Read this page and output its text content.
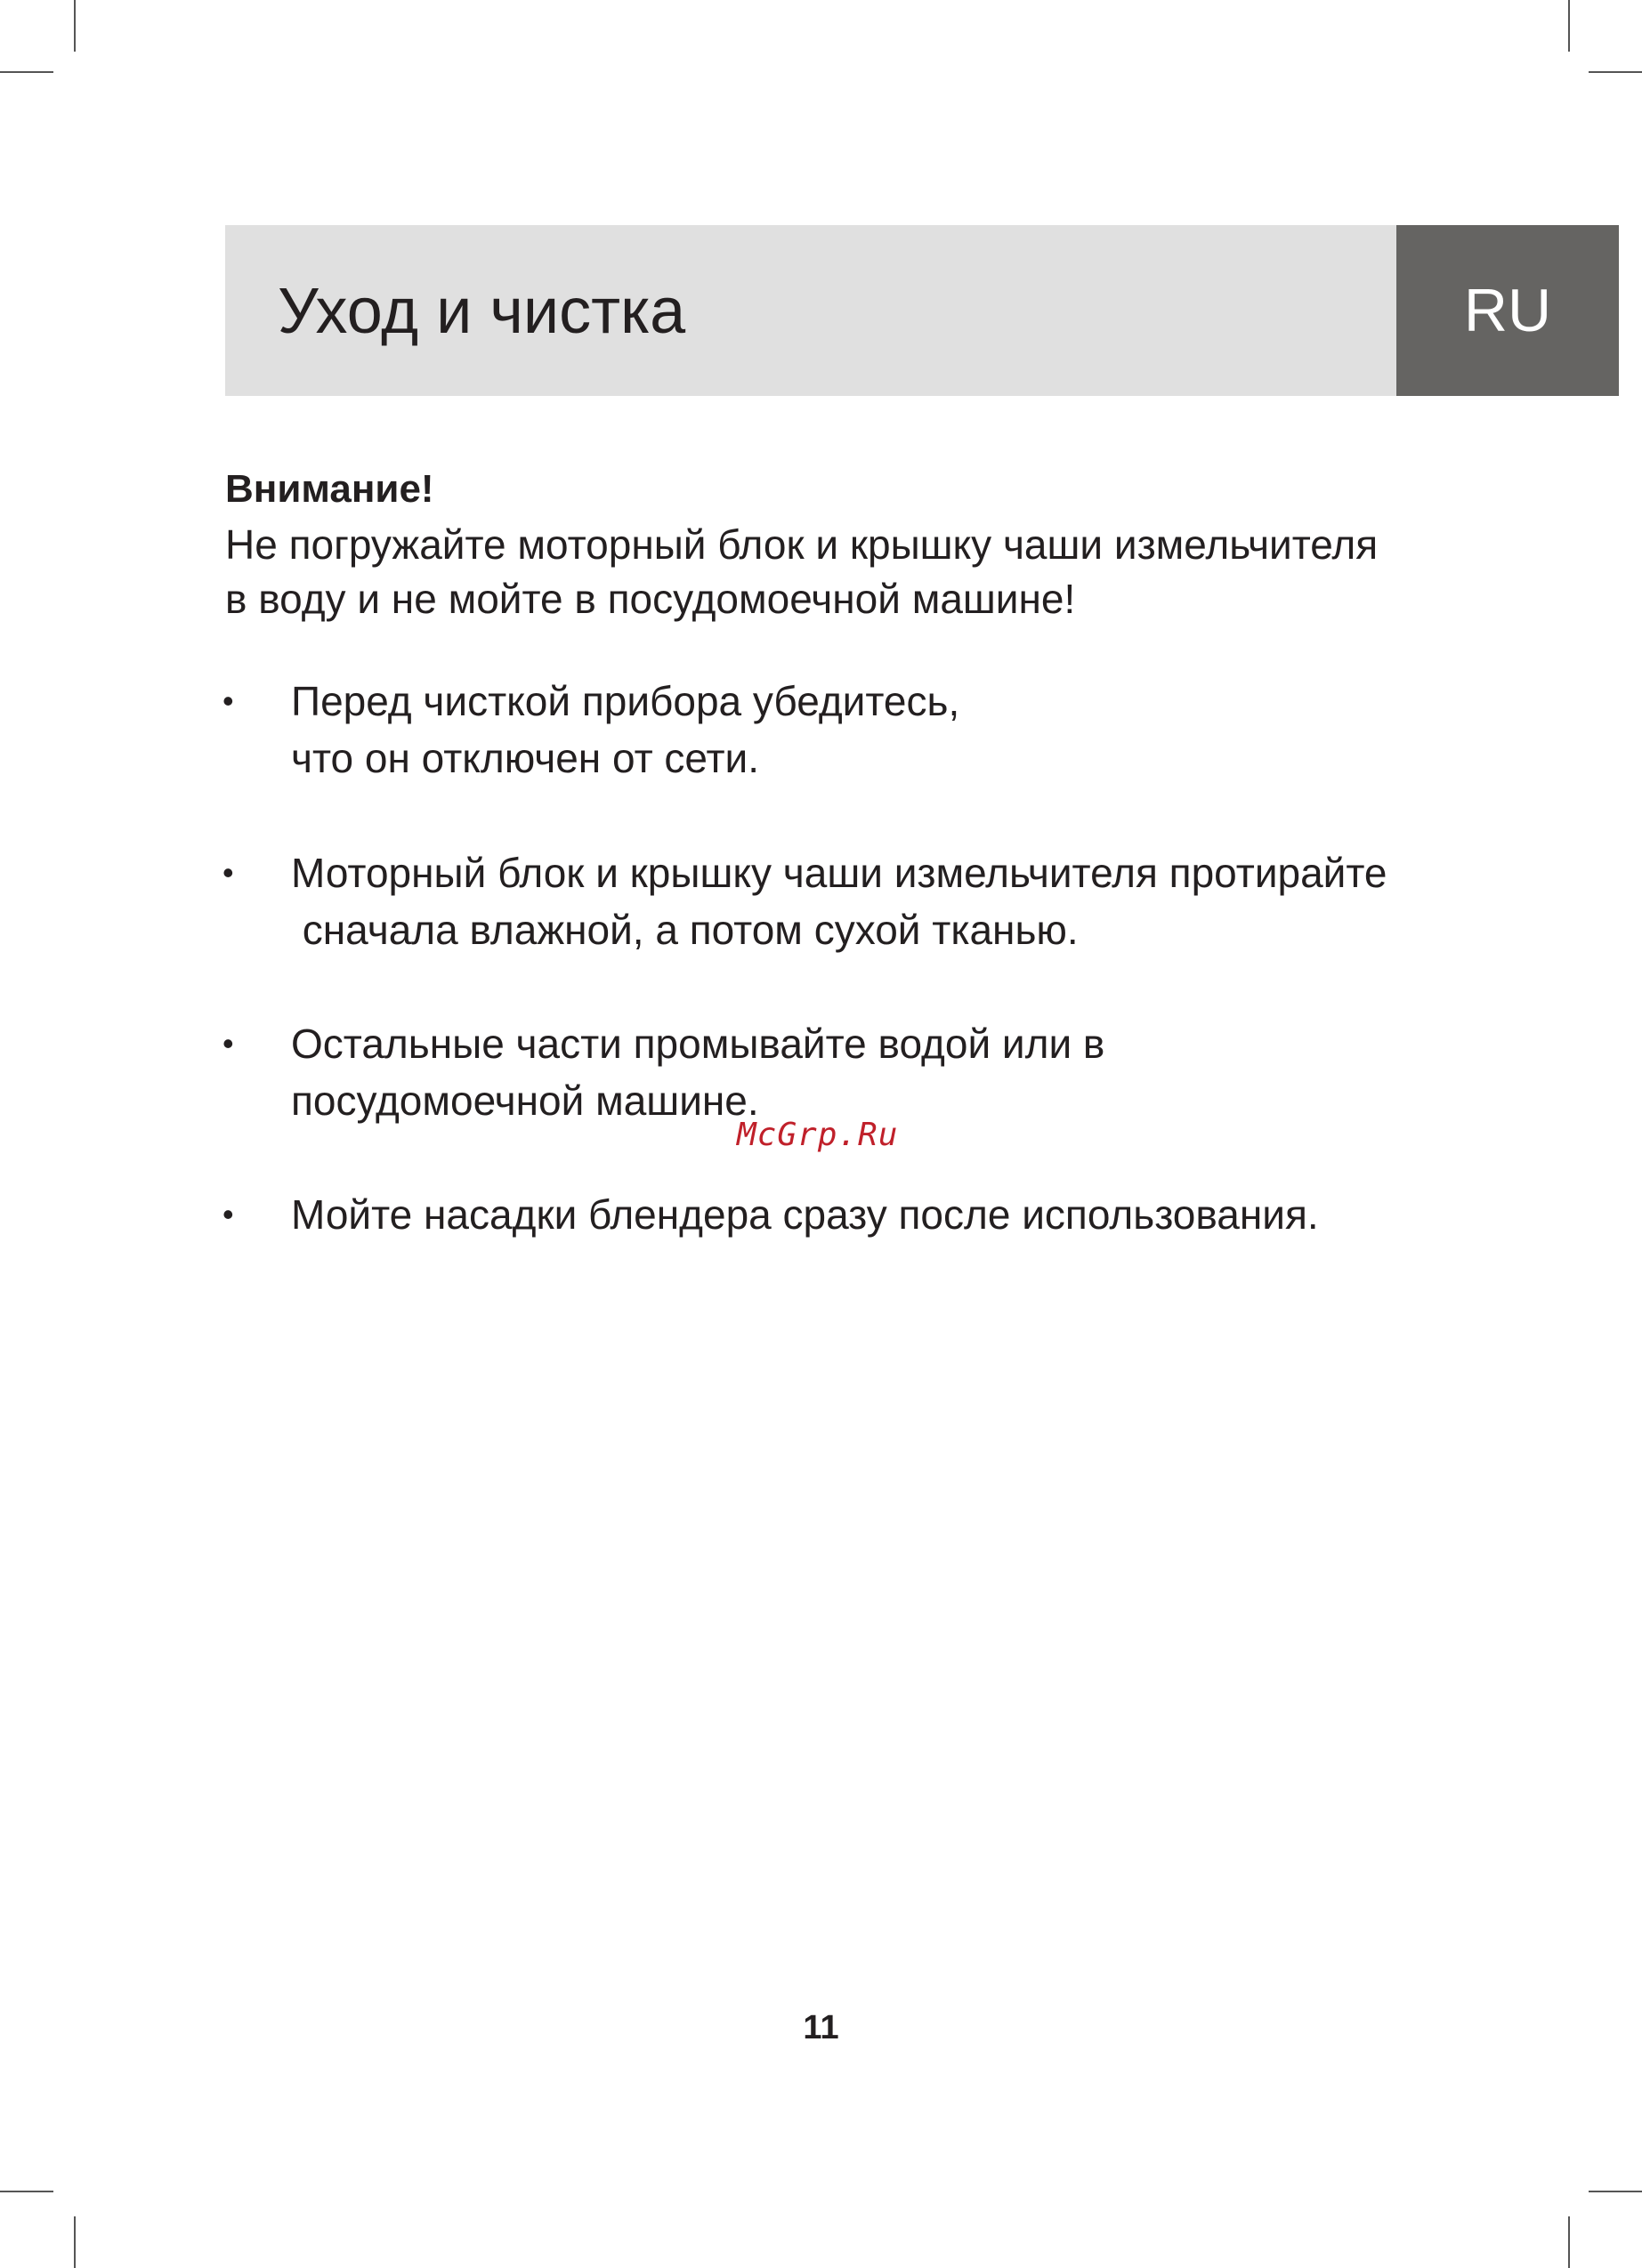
Уход и чистка	RU
Внимание!
Не погружайте моторный блок и крышку чаши измельчителя
в воду и не мойте в посудомоечной машине!
• Перед чисткой прибора убедитесь,
что он отключен от сети.
• Моторный блок и крышку чаши измельчителя протирайте
сначала влажной, а потом сухой тканью.
• Остальные части промывайте водой или в
посудомоечной машине.
McGrp.Ru
• Мойте насадки блендера сразу после использования.
11
